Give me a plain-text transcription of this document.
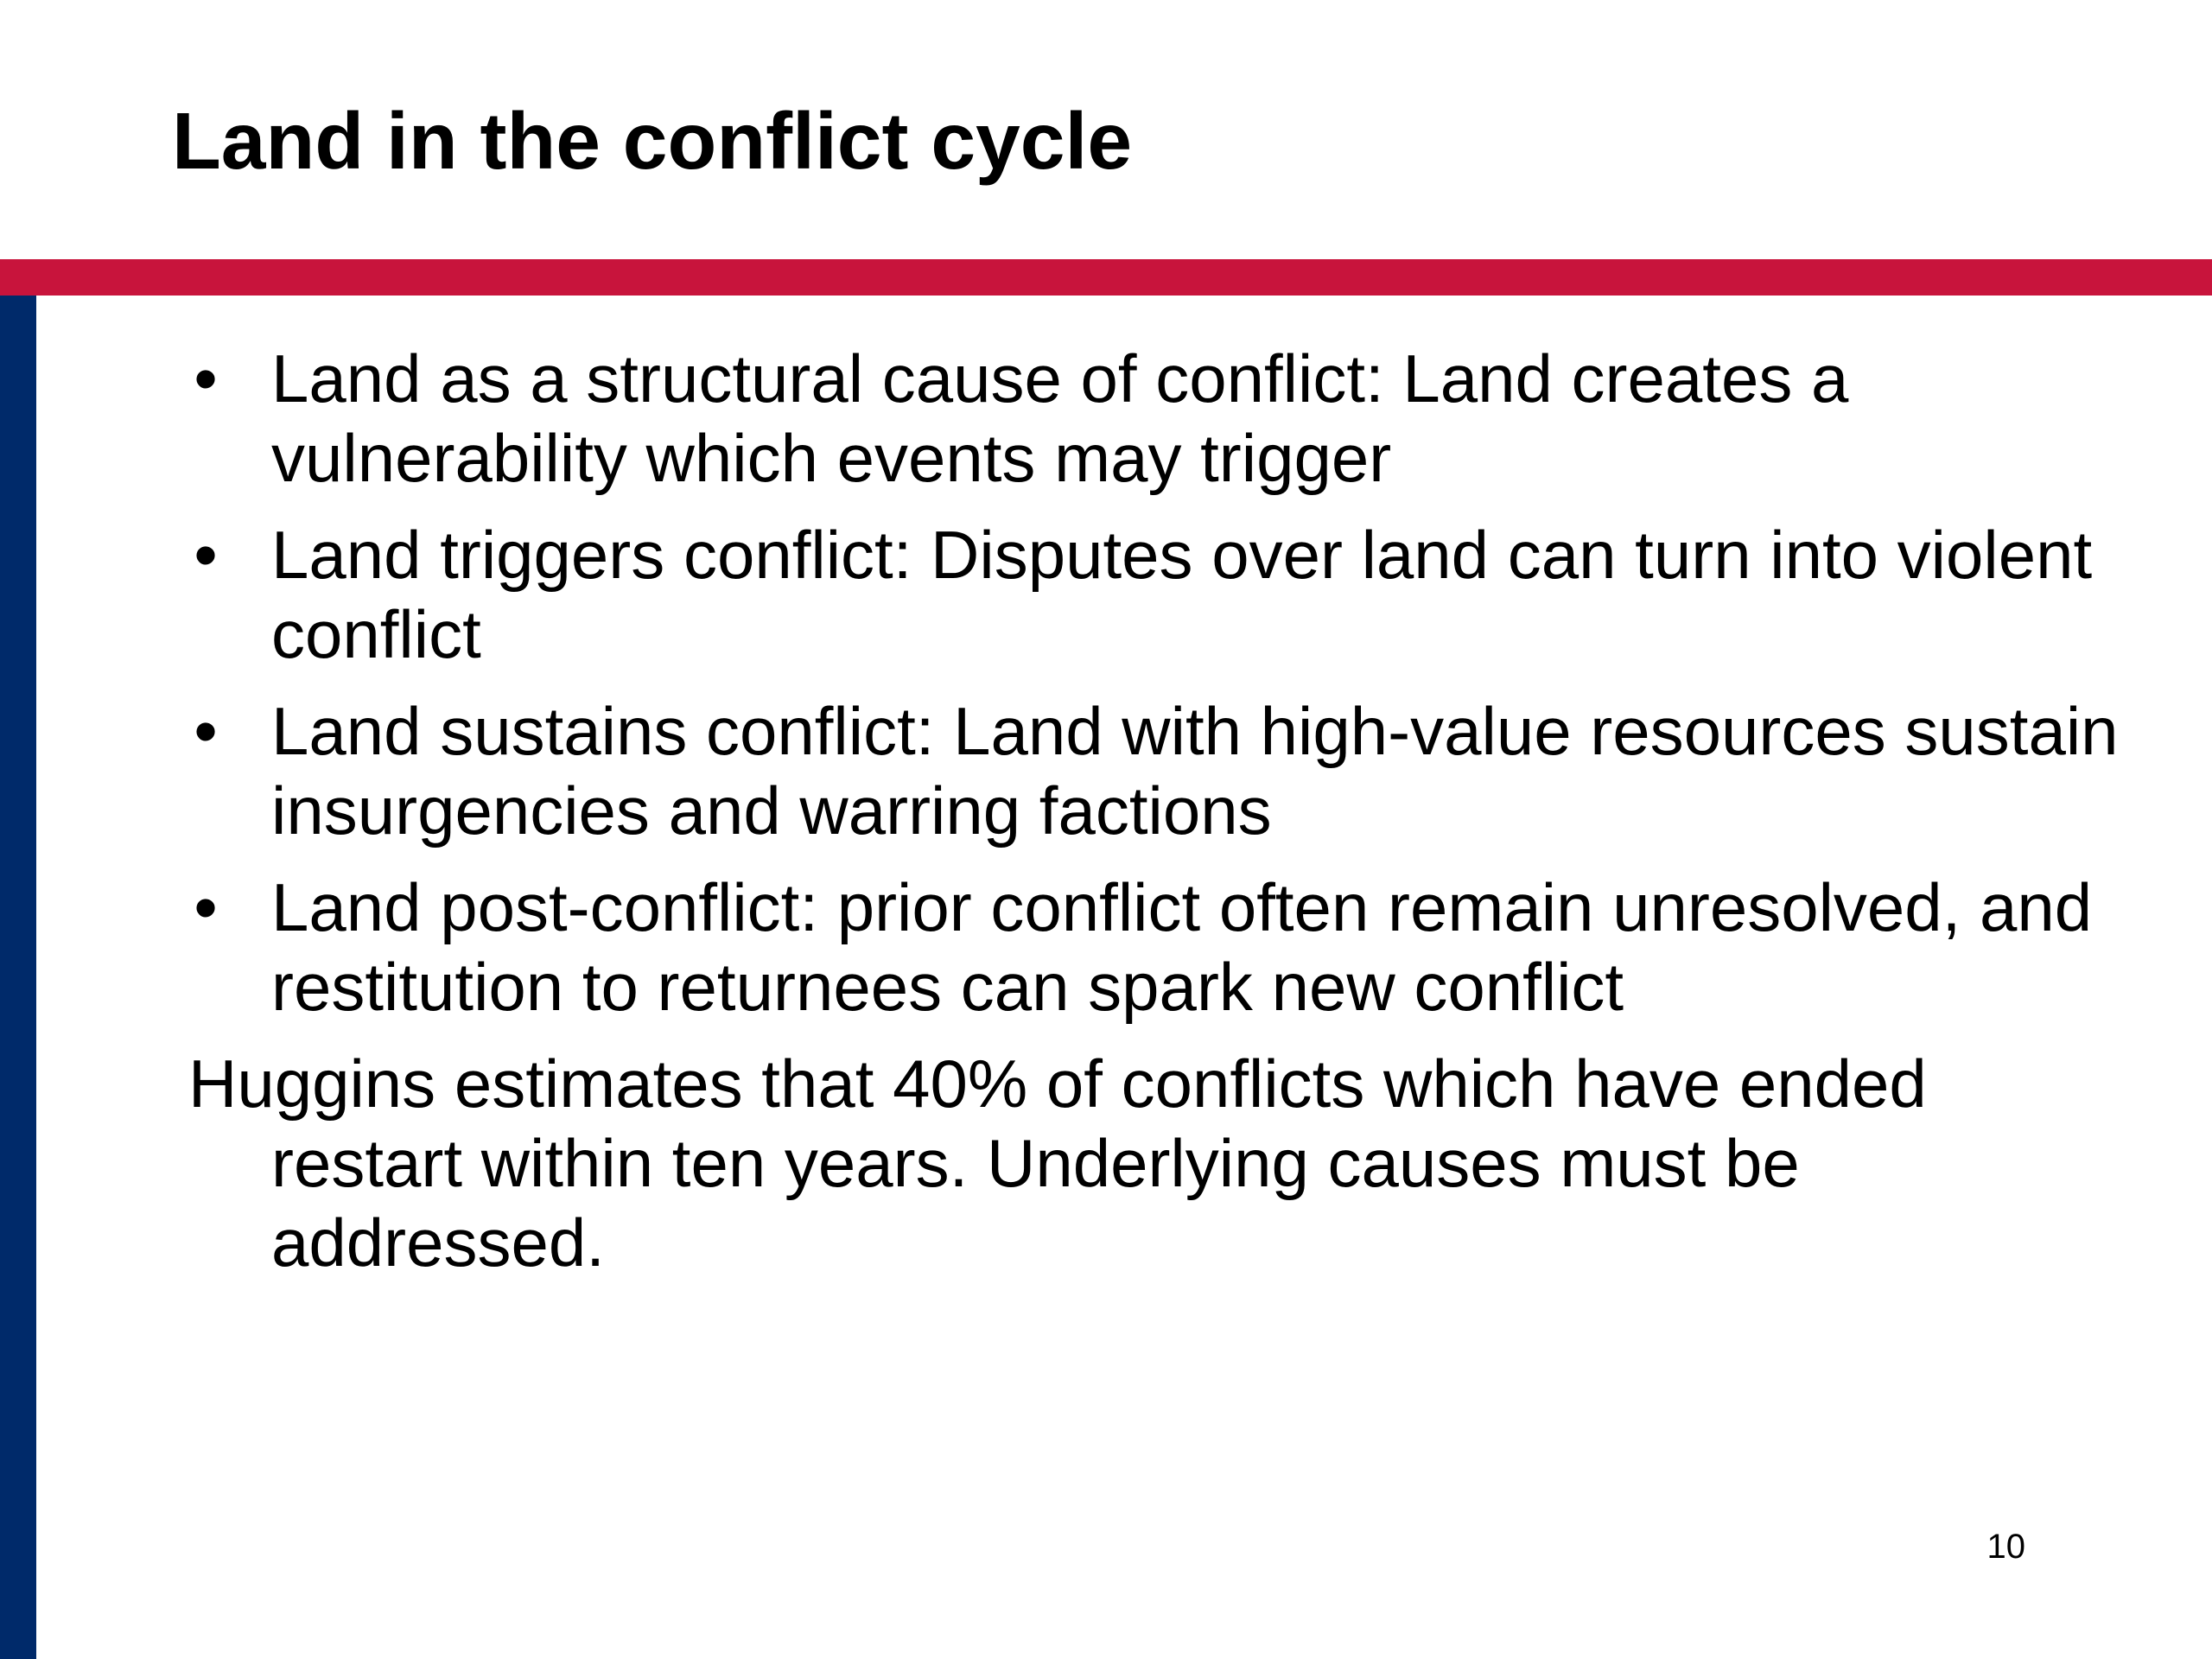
Land in the conflict cycle
• Land as a structural cause of conflict: Land creates a vulnerability which events may trigger
• Land triggers conflict: Disputes over land can turn into violent conflict
• Land sustains conflict: Land with high-value resources sustain insurgencies and warring factions
• Land post-conflict: prior conflict often remain unresolved, and restitution to returnees can spark new conflict

Huggins estimates that 40% of conflicts which have ended restart within ten years. Underlying causes must be addressed.

10
